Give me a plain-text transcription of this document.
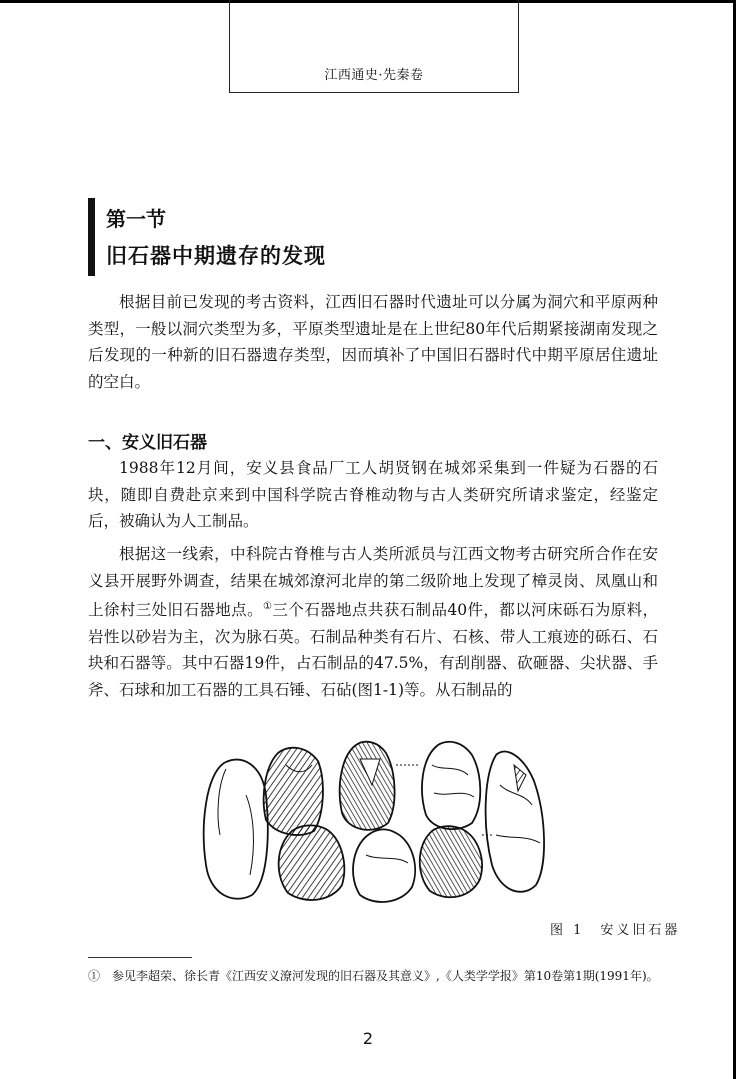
江西通史·先秦卷
第一节
旧石器中期遗存的发现

根据目前已发现的考古资料，江西旧石器时代遗址可以分属为洞穴和平原两种类型，一般以洞穴类型为多，平原类型遗址是在上世纪80年代后期紧接湖南发现之后发现的一种新的旧石器遗存类型，因而填补了中国旧石器时代中期平原居住遗址的空白。

一、安义旧石器

1988年12月间，安义县食品厂工人胡贤钢在城郊采集到一件疑为石器的石块，随即自费赴京来到中国科学院古脊椎动物与古人类研究所请求鉴定，经鉴定后，被确认为人工制品。

根据这一线索，中科院古脊椎与古人类所派员与江西文物考古研究所合作在安义县开展野外调查，结果在城郊潦河北岸的第二级阶地上发现了樟灵岗、凤凰山和上徐村三处旧石器地点。①三个石器地点共获石制品40件，都以河床砾石为原料，岩性以砂岩为主，次为脉石英。石制品种类有石片、石核、带人工痕迹的砾石、石块和石器等。其中石器19件，占石制品的47.5%，有刮削器、砍砸器、尖状器、手斧、石球和加工石器的工具石锤、石砧(图1-1)等。从石制品的

图 1　安义旧石器

①　参见李超荣、徐长青《江西安义潦河发现的旧石器及其意义》,《人类学学报》第10卷第1期(1991年)。

2
